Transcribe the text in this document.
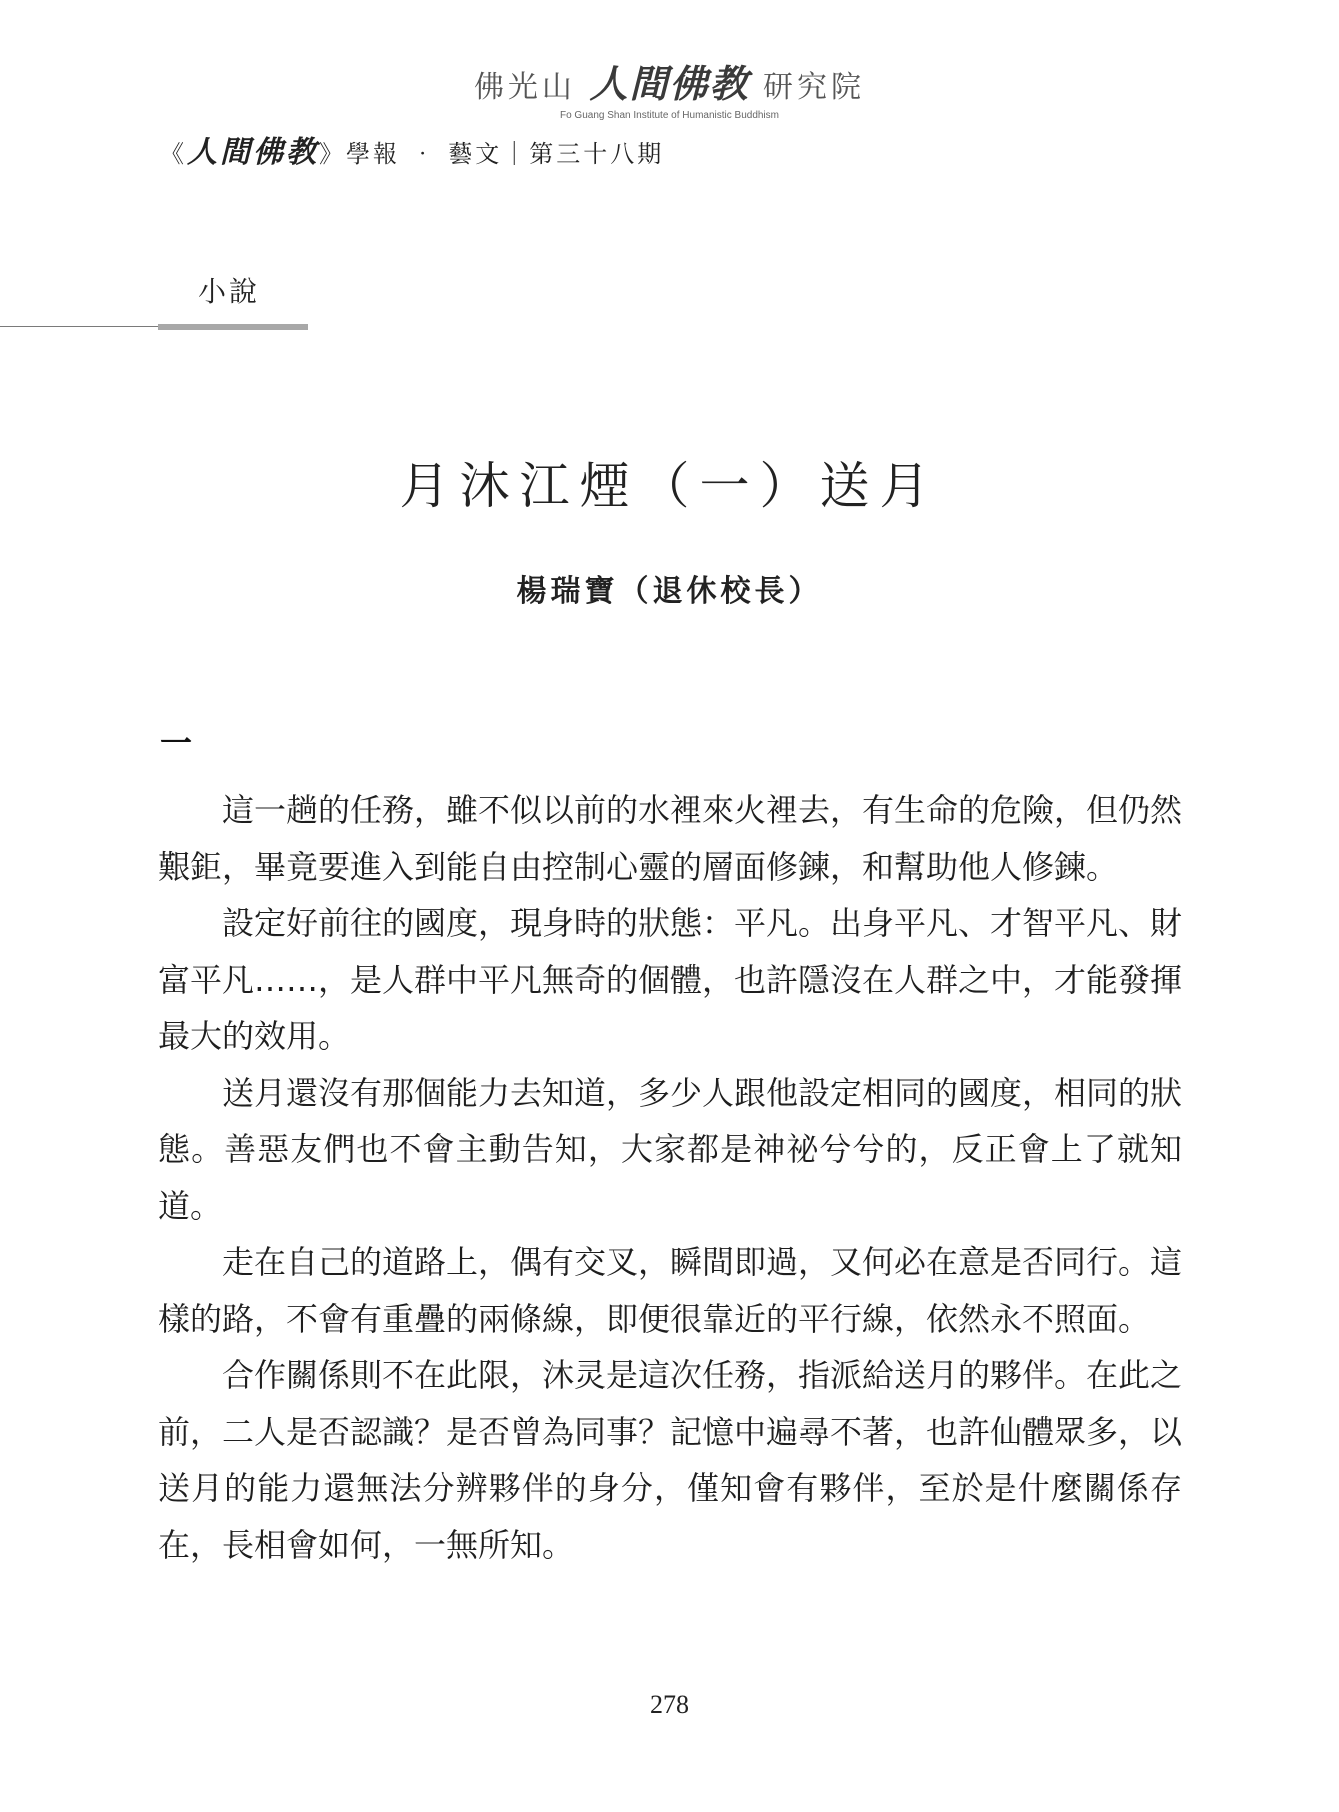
佛光山 人間佛教 研究院
Fo Guang Shan Institute of Humanistic Buddhism
《人間佛教》學報 ‧ 藝文｜第三十八期
小說
月沐江煙（一）送月
楊瑞寶（退休校長）
一

這一趟的任務，雖不似以前的水裡來火裡去，有生命的危險，但仍然艱鉅，畢竟要進入到能自由控制心靈的層面修鍊，和幫助他人修鍊。

設定好前往的國度，現身時的狀態：平凡。出身平凡、才智平凡、財富平凡……，是人群中平凡無奇的個體，也許隱沒在人群之中，才能發揮最大的效用。

送月還沒有那個能力去知道，多少人跟他設定相同的國度，相同的狀態。善惡友們也不會主動告知，大家都是神祕兮兮的，反正會上了就知道。

走在自己的道路上，偶有交叉，瞬間即過，又何必在意是否同行。這樣的路，不會有重疊的兩條線，即便很靠近的平行線，依然永不照面。

合作關係則不在此限，沐灵是這次任務，指派給送月的夥伴。在此之前，二人是否認識？是否曾為同事？記憶中遍尋不著，也許仙體眾多，以送月的能力還無法分辨夥伴的身分，僅知會有夥伴，至於是什麼關係存在，長相會如何，一無所知。

278
